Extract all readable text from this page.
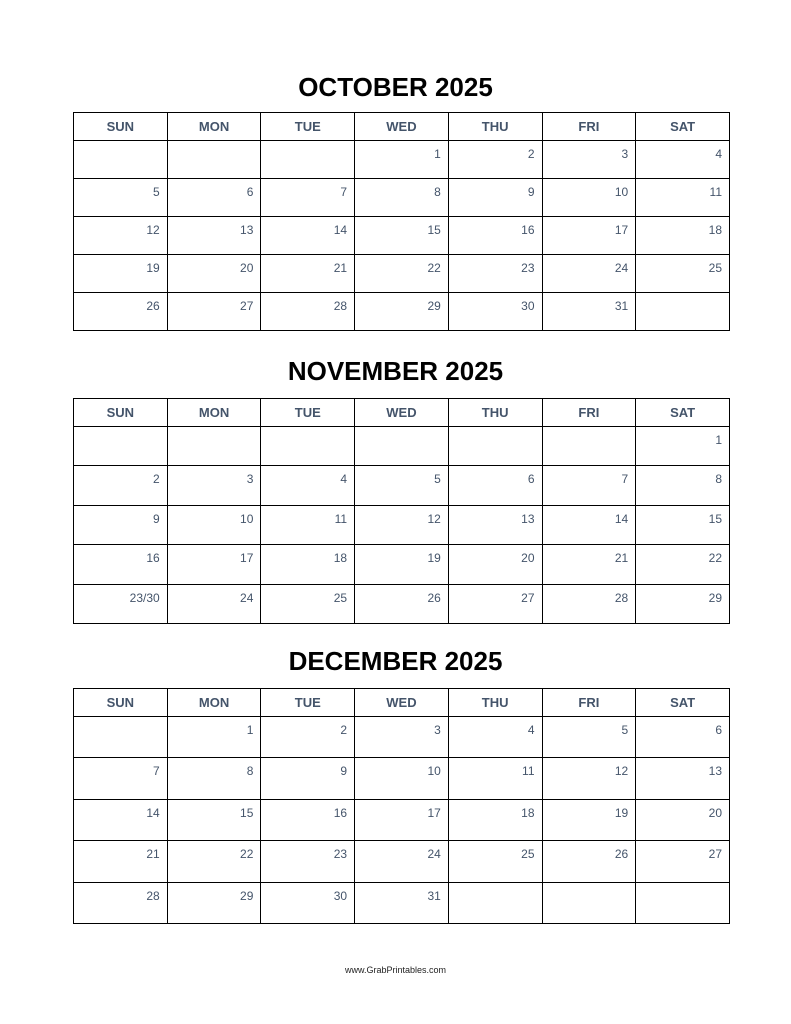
OCTOBER 2025
SUN	MON	TUE	WED	THU	FRI	SAT
			1	2	3	4
5	6	7	8	9	10	11
12	13	14	15	16	17	18
19	20	21	22	23	24	25
26	27	28	29	30	31	
NOVEMBER 2025
SUN	MON	TUE	WED	THU	FRI	SAT
						1
2	3	4	5	6	7	8
9	10	11	12	13	14	15
16	17	18	19	20	21	22
23/30	24	25	26	27	28	29
DECEMBER 2025
SUN	MON	TUE	WED	THU	FRI	SAT
	1	2	3	4	5	6
7	8	9	10	11	12	13
14	15	16	17	18	19	20
21	22	23	24	25	26	27
28	29	30	31			
www.GrabPrintables.com
